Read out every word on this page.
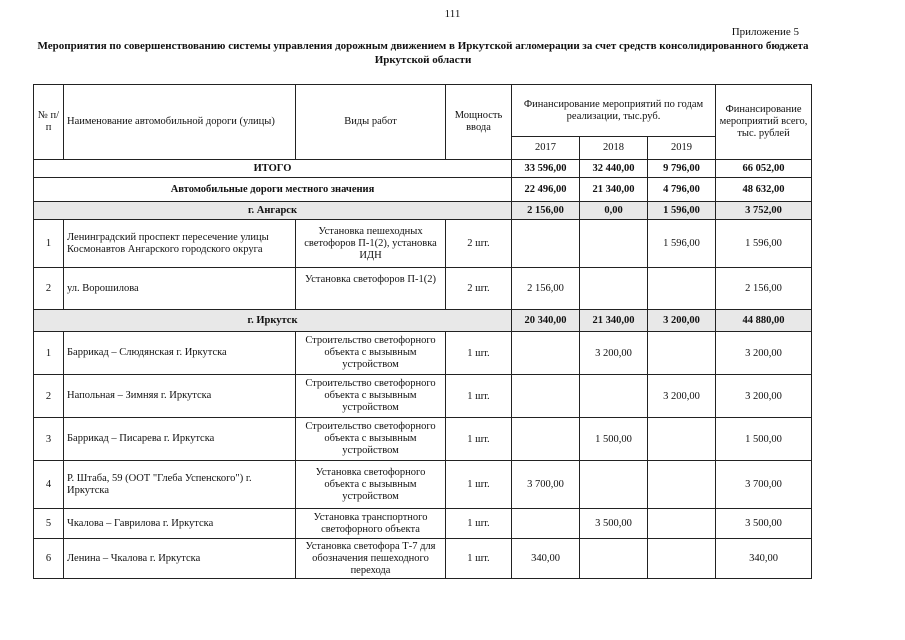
111
Приложение 5
Мероприятия по совершенствованию системы управления дорожным движением в Иркутской агломерации за счет средств консолидированного бюджета Иркутской области
№ п/п	Наименование автомобильной дороги (улицы)	Виды работ	Мощность ввода	Финансирование мероприятий по годам реализации, тыс.руб.			Финансирование мероприятий всего, тыс. рублей
				2017	2018	2019	
ИТОГО				33 596,00	32 440,00	9 796,00	66 052,00
Автомобильные дороги местного значения				22 496,00	21 340,00	4 796,00	48 632,00
г. Ангарск				2 156,00	0,00	1 596,00	3 752,00
1	Ленинградский проспект пересечение улицы Космонавтов Ангарского городского округа	Установка пешеходных светофоров П-1(2), установка ИДН	2 шт.			1 596,00	1 596,00
2	ул. Ворошилова	Установка светофоров П-1(2)	2 шт.	2 156,00			2 156,00
г. Иркутск				20 340,00	21 340,00	3 200,00	44 880,00
1	Баррикад – Слюдянская г. Иркутска	Строительство светофорного объекта с вызывным устройством	1 шт.		3 200,00		3 200,00
2	Напольная – Зимняя г. Иркутска	Строительство светофорного объекта с вызывным устройством	1 шт.			3 200,00	3 200,00
3	Баррикад – Писарева г. Иркутска	Строительство светофорного объекта с вызывным устройством	1 шт.		1 500,00		1 500,00
4	Р. Штаба, 59 (ООТ "Глеба Успенского") г. Иркутска	Установка светофорного объекта с вызывным устройством	1 шт.	3 700,00			3 700,00
5	Чкалова – Гаврилова г. Иркутска	Установка транспортного светофорного объекта	1 шт.		3 500,00		3 500,00
6	Ленина – Чкалова г. Иркутска	Установка светофора Т-7 для обозначения пешеходного перехода	1 шт.	340,00			340,00
